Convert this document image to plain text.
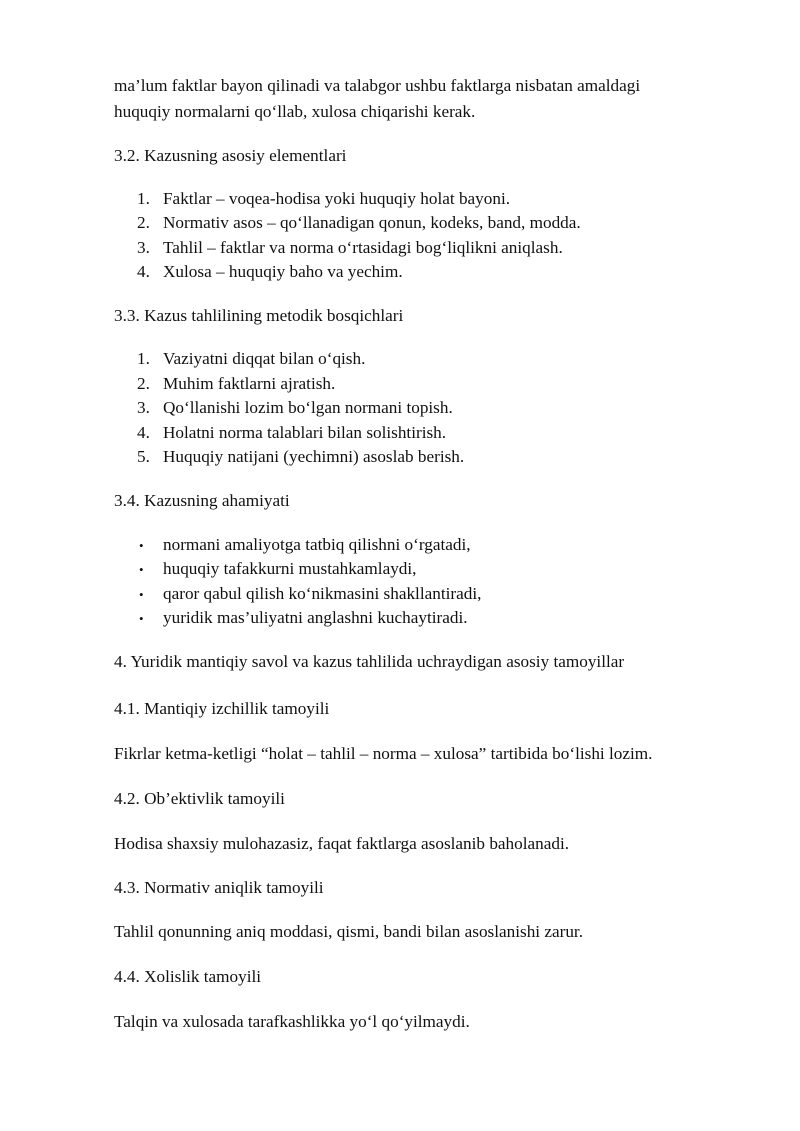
ma’lum faktlar bayon qilinadi va talabgor ushbu faktlarga nisbatan amaldagi
huquqiy normalarni qo‘llab, xulosa chiqarishi kerak.
3.2. Kazusning asosiy elementlari
1. Faktlar – voqea-hodisa yoki huquqiy holat bayoni.
2. Normativ asos – qo‘llanadigan qonun, kodeks, band, modda.
3. Tahlil – faktlar va norma o‘rtasidagi bog‘liqlikni aniqlash.
4. Xulosa – huquqiy baho va yechim.
3.3. Kazus tahlilining metodik bosqichlari
1. Vaziyatni diqqat bilan o‘qish.
2. Muhim faktlarni ajratish.
3. Qo‘llanishi lozim bo‘lgan normani topish.
4. Holatni norma talablari bilan solishtirish.
5. Huquqiy natijani (yechimni) asoslab berish.
3.4. Kazusning ahamiyati
• normani amaliyotga tatbiq qilishni o‘rgatadi,
• huquqiy tafakkurni mustahkamlaydi,
• qaror qabul qilish ko‘nikmasini shakllantiradi,
• yuridik mas’uliyatni anglashni kuchaytiradi.
4. Yuridik mantiqiy savol va kazus tahlilida uchraydigan asosiy tamoyillar
4.1. Mantiqiy izchillik tamoyili
Fikrlar ketma-ketligi “holat – tahlil – norma – xulosa” tartibida bo‘lishi lozim.
4.2. Ob’ektivlik tamoyili
Hodisa shaxsiy mulohazasiz, faqat faktlarga asoslanib baholanadi.
4.3. Normativ aniqlik tamoyili
Tahlil qonunning aniq moddasi, qismi, bandi bilan asoslanishi zarur.
4.4. Xolislik tamoyili
Talqin va xulosada tarafkashlikka yo‘l qo‘yilmaydi.
